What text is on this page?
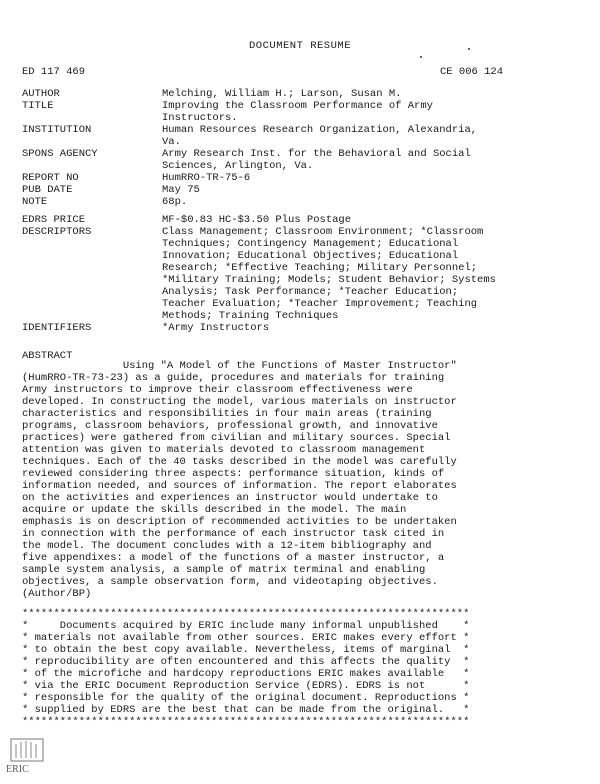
DOCUMENT RESUME
ED 117 469	CE 006 124
AUTHOR	Melching, William H.; Larson, Susan M.
TITLE	Improving the Classroom Performance of Army
Instructors.
INSTITUTION	Human Resources Research Organization, Alexandria,
Va.
SPONS AGENCY	Army Research Inst. for the Behavioral and Social
Sciences, Arlington, Va.
REPORT NO	HumRRO-TR-75-6
PUB DATE	May 75
NOTE	68p.
EDRS PRICE	MF-$0.83 HC-$3.50 Plus Postage
DESCRIPTORS	Class Management; Classroom Environment; *Classroom
Techniques; Contingency Management; Educational
Innovation; Educational Objectives; Educational
Research; *Effective Teaching; Military Personnel;
*Military Training; Models; Student Behavior; Systems
Analysis; Task Performance; *Teacher Education;
Teacher Evaluation; *Teacher Improvement; Teaching
Methods; Training Techniques
IDENTIFIERS	*Army Instructors
ABSTRACT
Using "A Model of the Functions of Master Instructor"
(HumRRO-TR-73-23) as a guide, procedures and materials for training
Army instructors to improve their classroom effectiveness were
developed. In constructing the model, various materials on instructor
characteristics and responsibilities in four main areas (training
programs, classroom behaviors, professional growth, and innovative
practices) were gathered from civilian and military sources. Special
attention was given to materials devoted to classroom management
techniques. Each of the 40 tasks described in the model was carefully
reviewed considering three aspects: performance situation, kinds of
information needed, and sources of information. The report elaborates
on the activities and experiences an instructor would undertake to
acquire or update the skills described in the model. The main
emphasis is on description of recommended activities to be undertaken
in connection with the performance of each instructor task cited in
the model. The document concludes with a 12-item bibliography and
five appendixes: a model of the functions of a master instructor, a
sample system analysis, a sample of matrix terminal and enabling
objectives, a sample observation form, and videotaping objectives.
(Author/BP)
***********************************************************************
*     Documents acquired by ERIC include many informal unpublished    *
* materials not available from other sources. ERIC makes every effort *
* to obtain the best copy available. Nevertheless, items of marginal  *
* reproducibility are often encountered and this affects the quality  *
* of the microfiche and hardcopy reproductions ERIC makes available   *
* via the ERIC Document Reproduction Service (EDRS). EDRS is not      *
* responsible for the quality of the original document. Reproductions *
* supplied by EDRS are the best that can be made from the original.   *
***********************************************************************
ERIC
